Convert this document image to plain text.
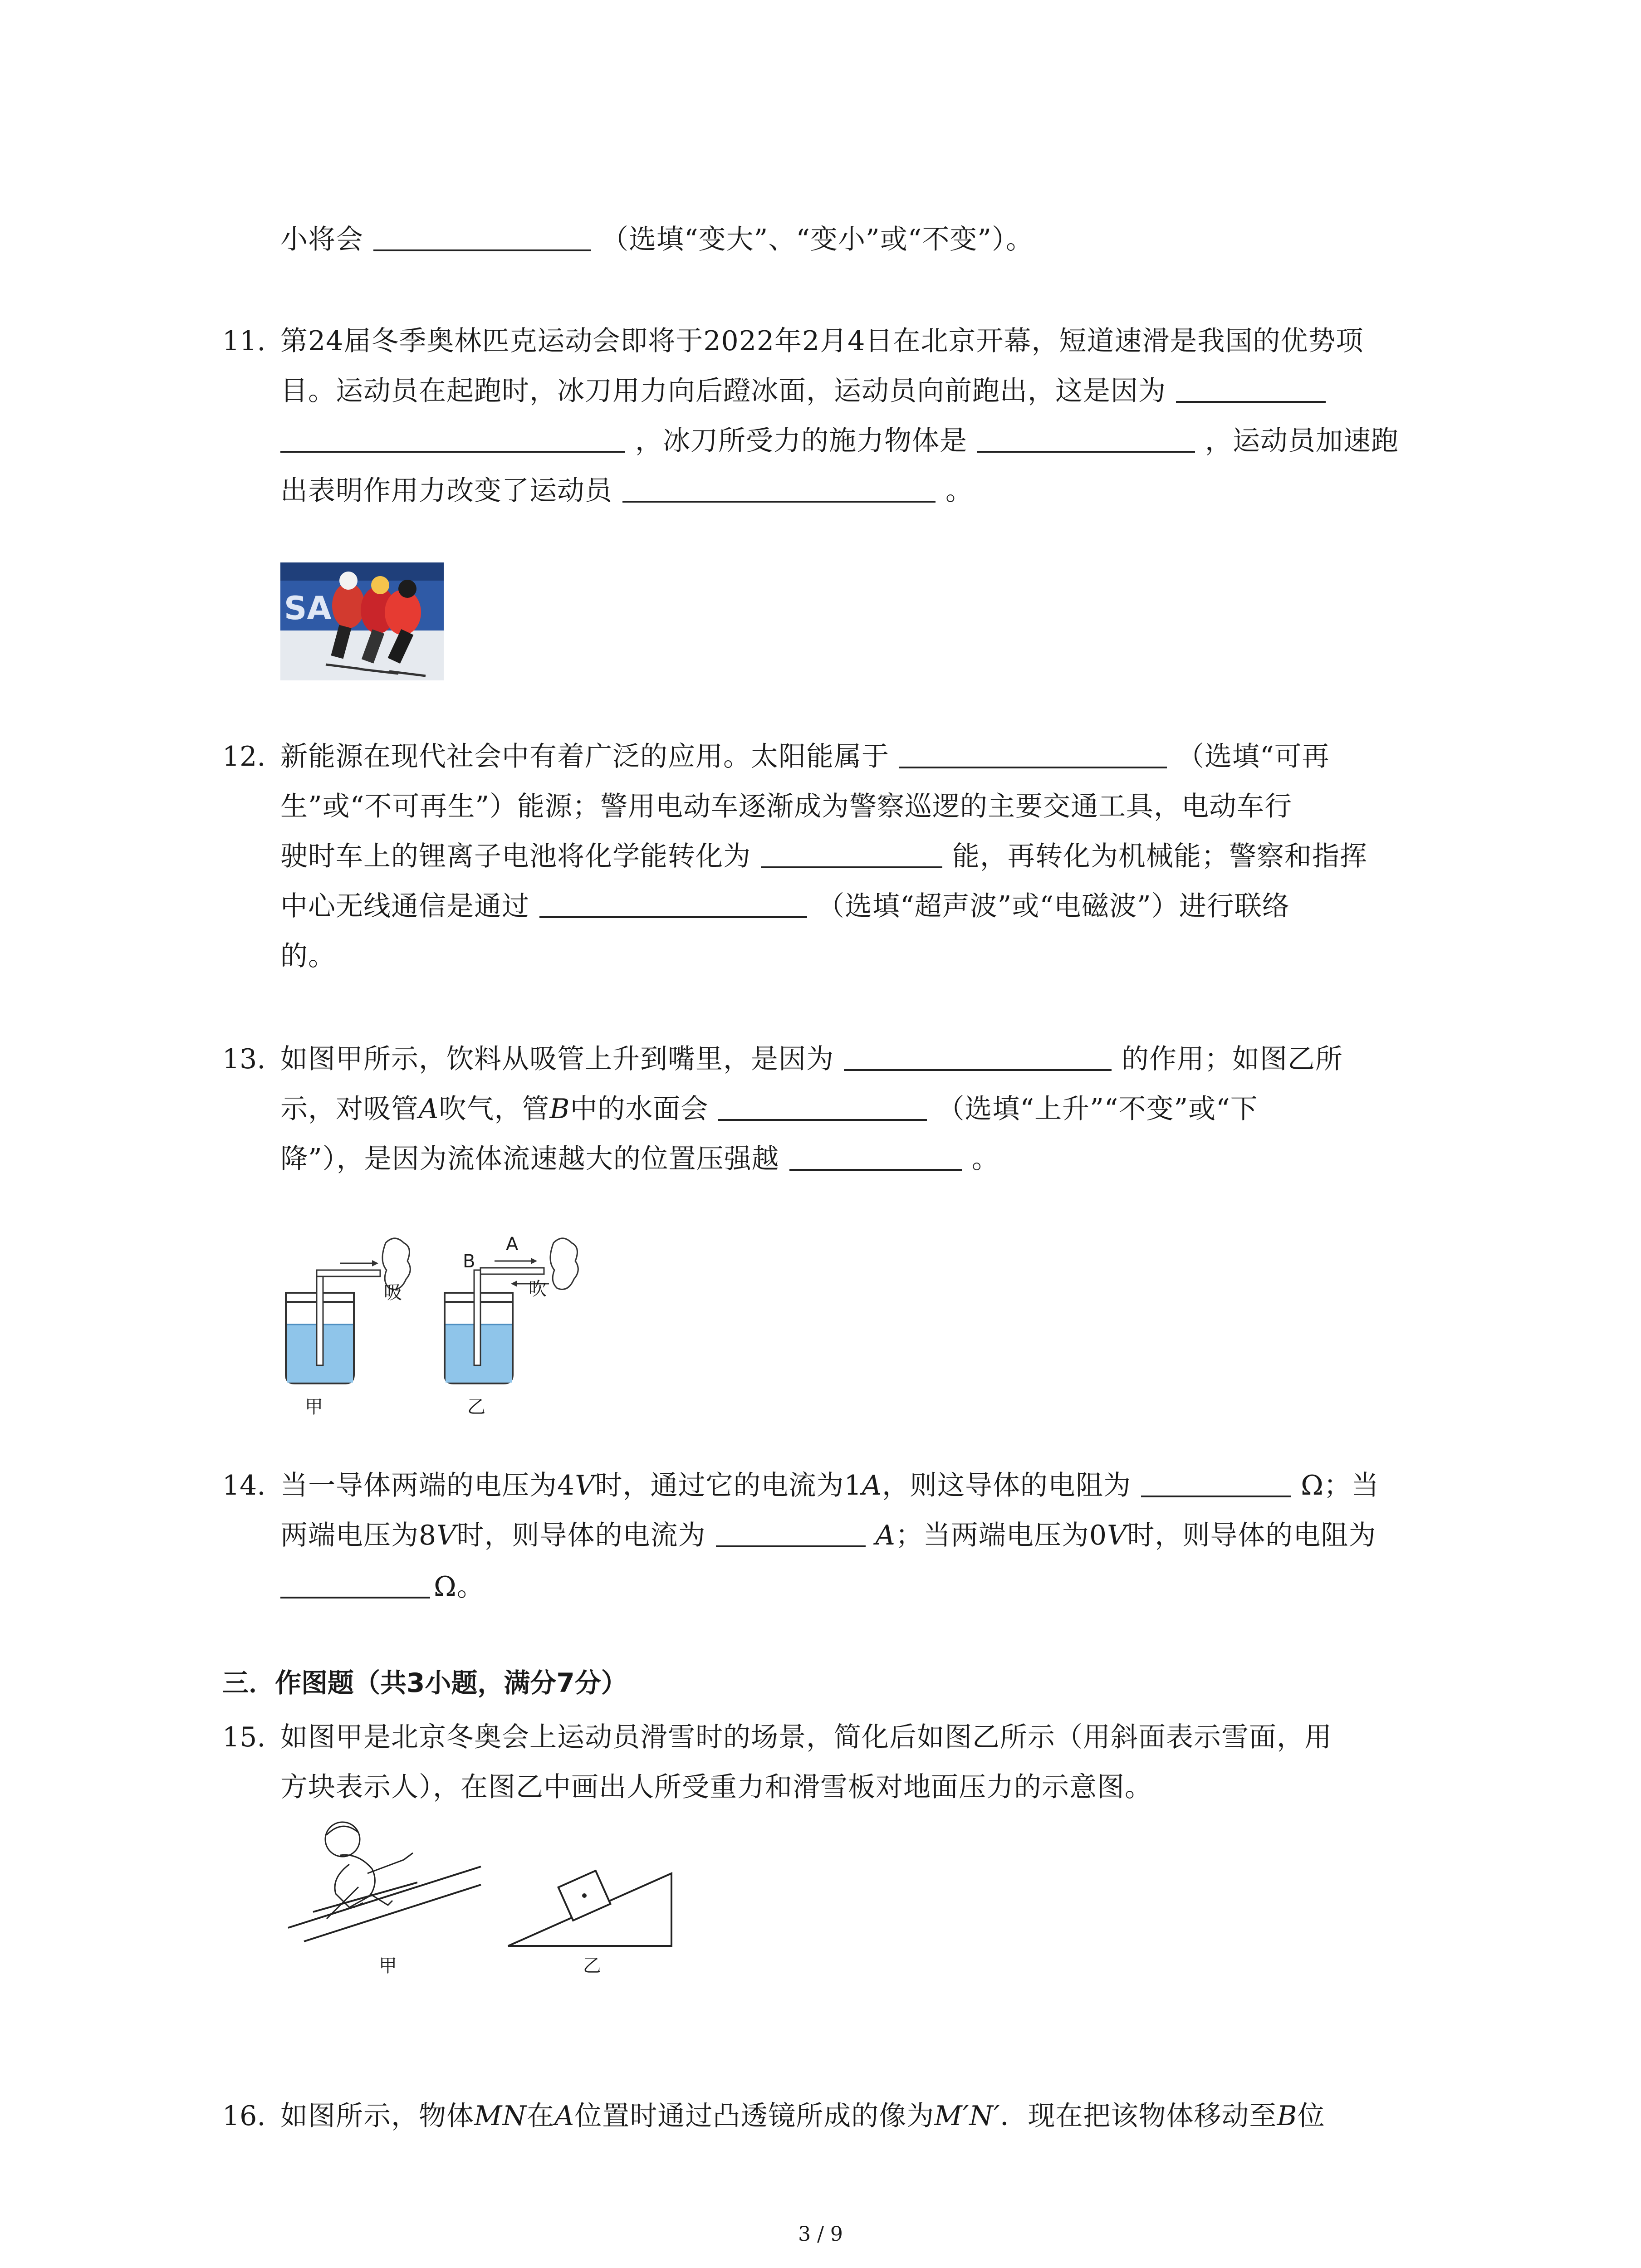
小将会	（选填“变大”、“变小”或“不变”）。
11. 第24届冬季奥林匹克运动会即将于2022年2月4日在北京开幕，短道速滑是我国的优势项
目。运动员在起跑时，冰刀用力向后蹬冰面，运动员向前跑出，这是因为
，冰刀所受力的施力物体是	，运动员加速跑
出表明作用力改变了运动员	。
SA
12. 新能源在现代社会中有着广泛的应用。太阳能属于	（选填“可再
生”或“不可再生”）能源；警用电动车逐渐成为警察巡逻的主要交通工具，电动车行
驶时车上的锂离子电池将化学能转化为	能，再转化为机械能；警察和指挥
中心无线通信是通过	（选填“超声波”或“电磁波”）进行联络
的。
13. 如图甲所示，饮料从吸管上升到嘴里，是因为	的作用；如图乙所
示，对吸管A吹气，管B中的水面会	（选填“上升”“不变”或“下
降”），是因为流体流速越大的位置压强越	。
吸	吹
A
B
甲	乙
14. 当一导体两端的电压为4V时，通过它的电流为1A，则这导体的电阻为	Ω；当
两端电压为8V时，则导体的电流为	A；当两端电压为0V时，则导体的电阻为
Ω。
三．作图题（共3小题，满分7分）
15. 如图甲是北京冬奥会上运动员滑雪时的场景，简化后如图乙所示（用斜面表示雪面，用
方块表示人），在图乙中画出人所受重力和滑雪板对地面压力的示意图。
甲	乙
16. 如图所示，物体MN在A位置时通过凸透镜所成的像为M′N′．现在把该物体移动至B位
3 / 9
